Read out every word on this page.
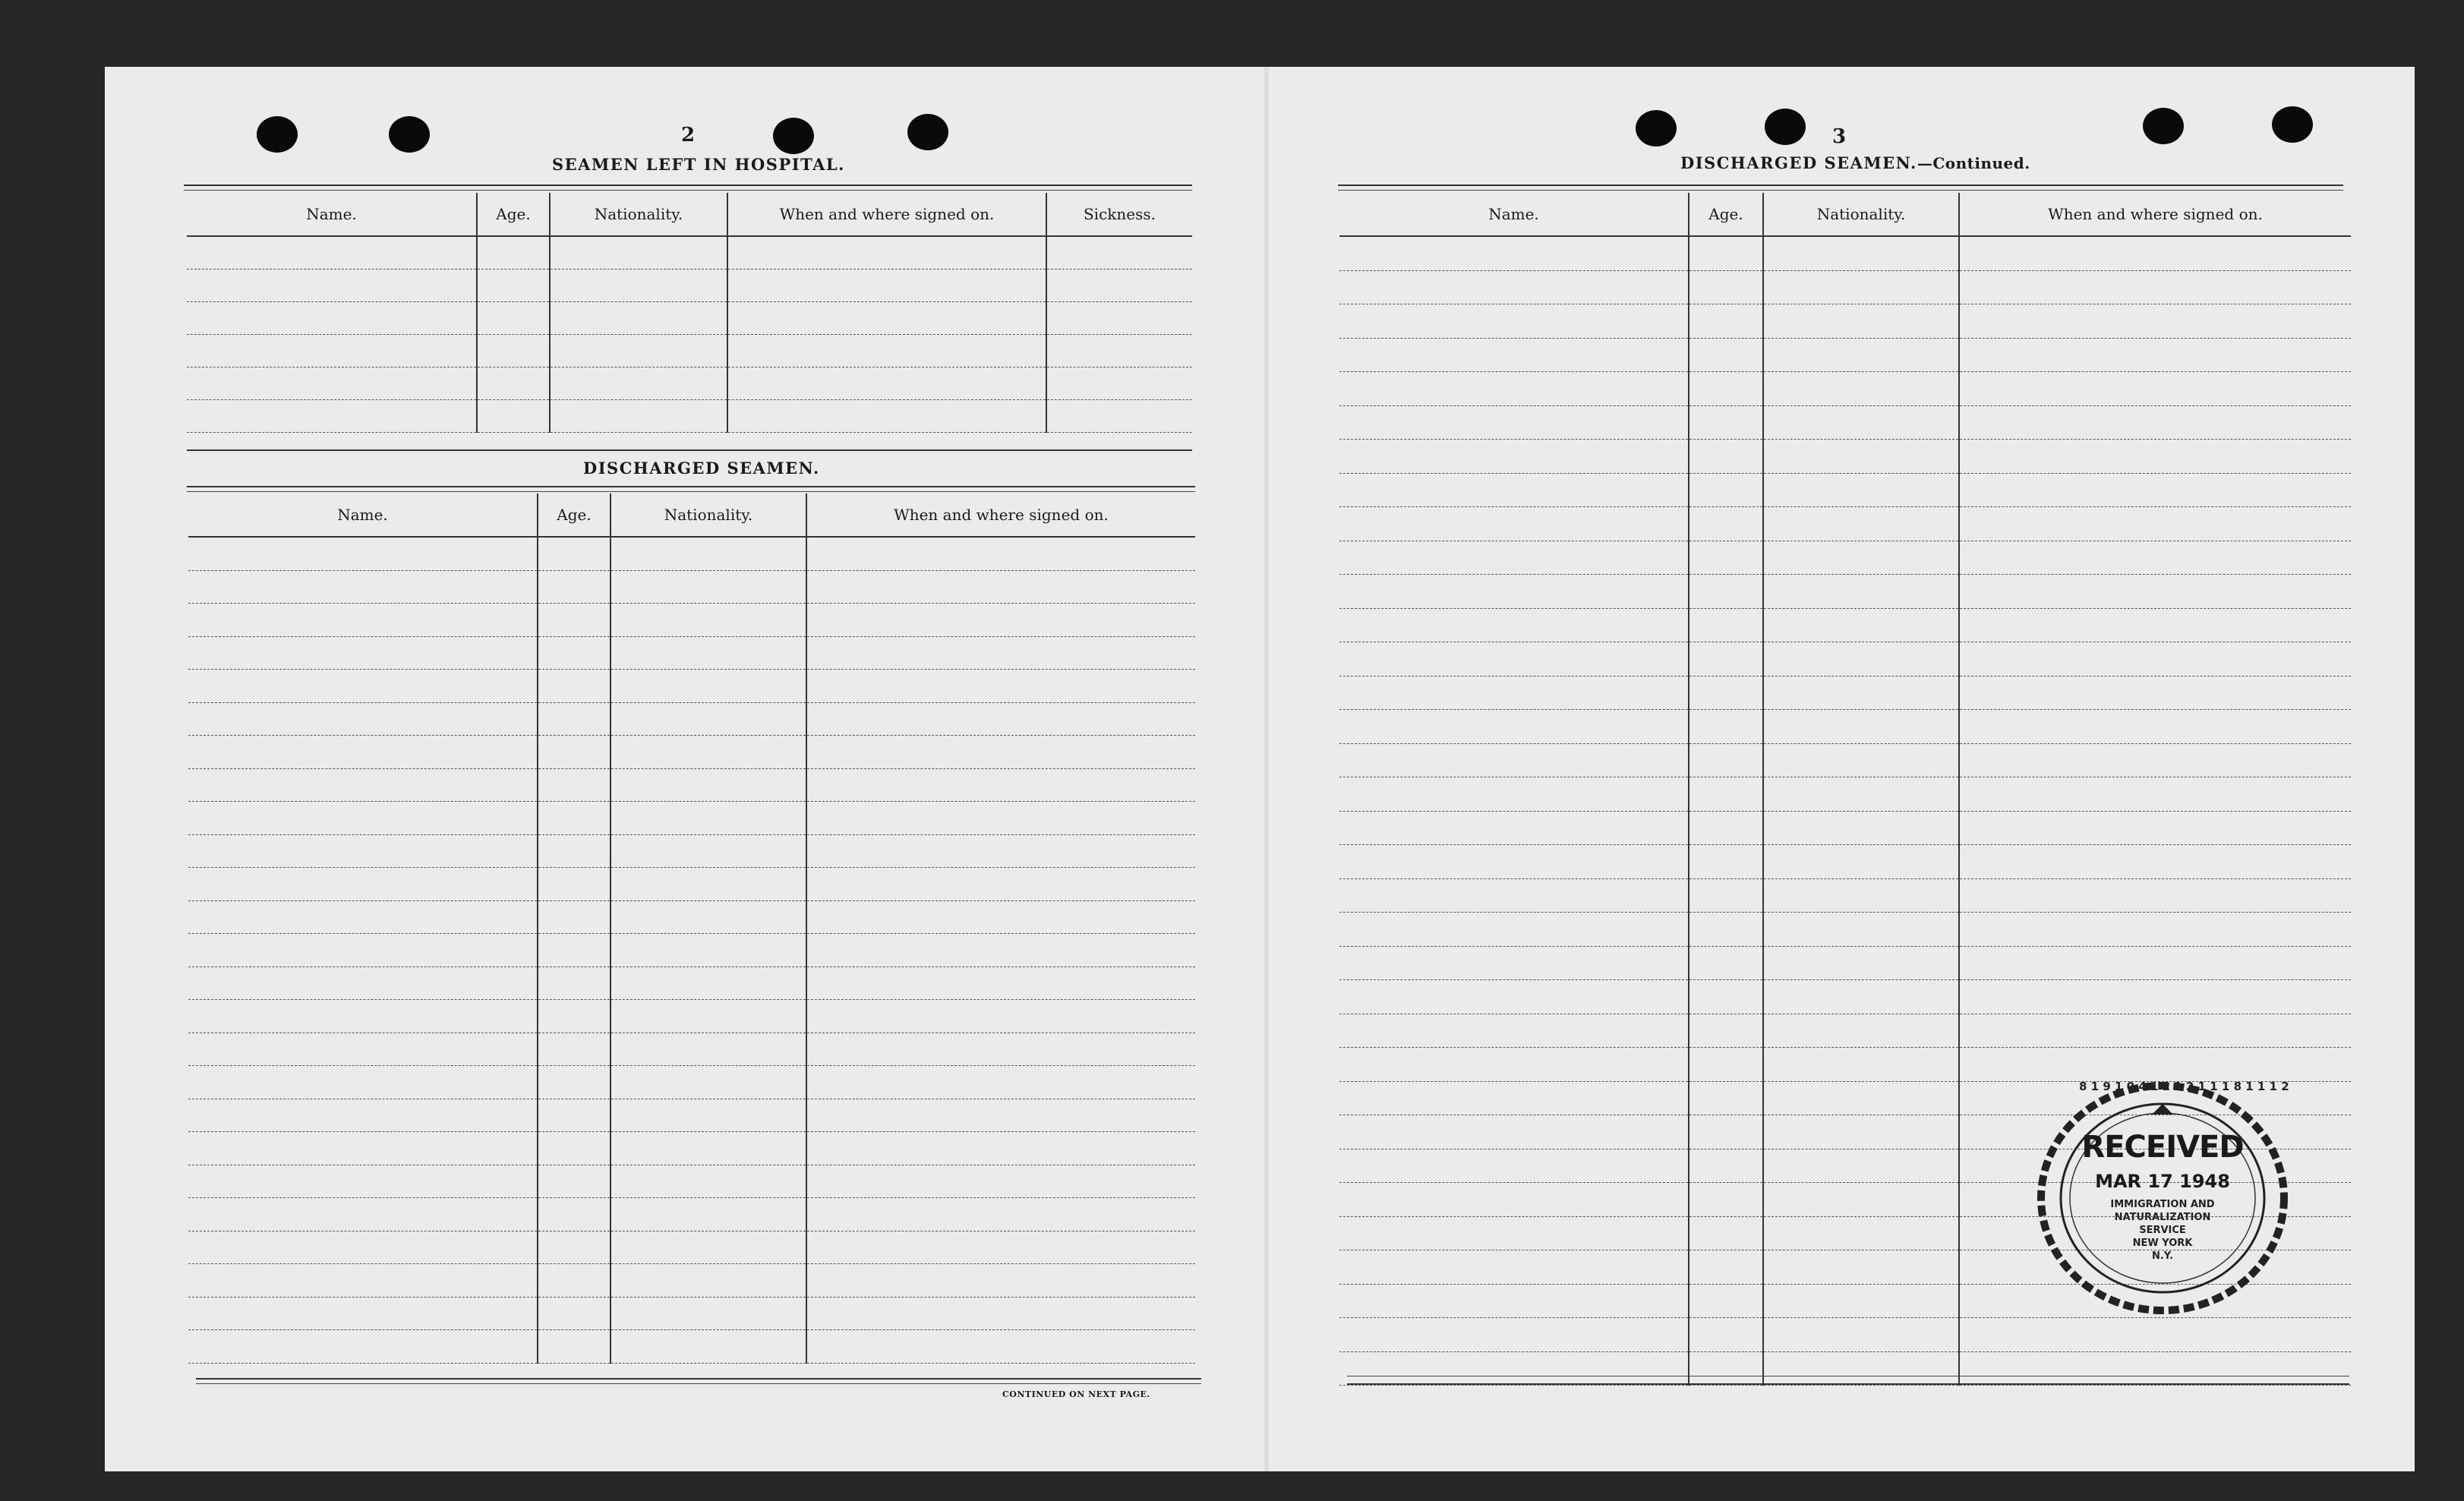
2
SEAMEN LEFT IN HOSPITAL.
Name.	Age.	Nationality.	When and where signed on.	Sickness.

DISCHARGED SEAMEN.
Name.	Age.	Nationality.	When and where signed on.

CONTINUED ON NEXT PAGE.
3
DISCHARGED SEAMEN.—Continued.
Name.	Age.	Nationality.	When and where signed on.

8 1 9 1 0 4 1 2 1 2 1 1 1 8 1 1 1 2
RECEIVED
MAR 17 1948
IMMIGRATION AND
NATURALIZATION
SERVICE
NEW YORK
N.Y.
